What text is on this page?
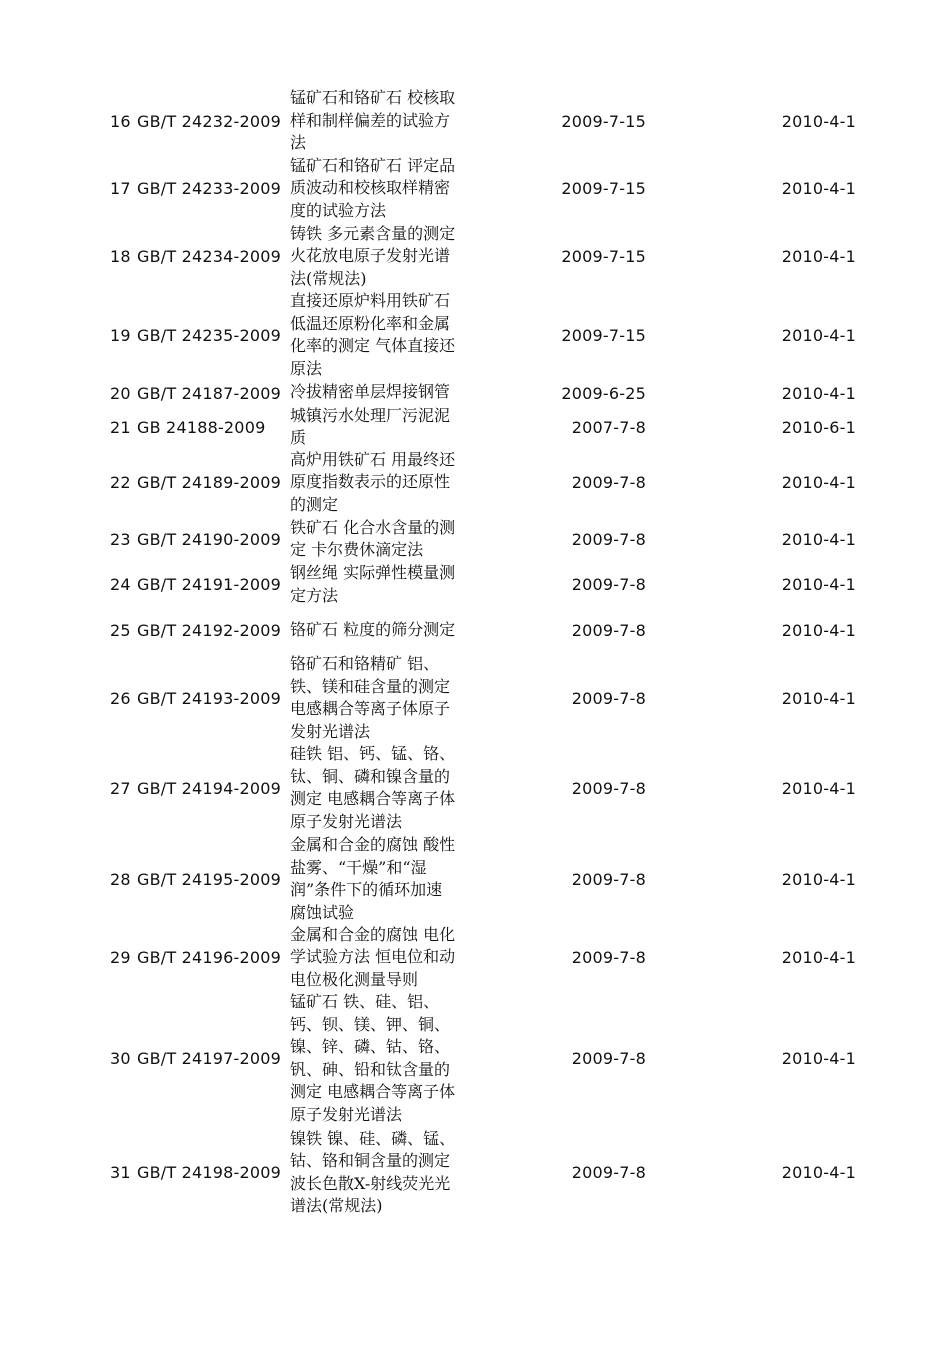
16 GB/T 24232-2009
锰矿石和铬矿石 校核取样和制样偏差的试验方法
2009-7-15	2010-4-1
17 GB/T 24233-2009
锰矿石和铬矿石 评定品质波动和校核取样精密度的试验方法
2009-7-15	2010-4-1
18 GB/T 24234-2009
铸铁 多元素含量的测定 火花放电原子发射光谱法(常规法)
2009-7-15	2010-4-1
19 GB/T 24235-2009
直接还原炉料用铁矿石 低温还原粉化率和金属化率的测定 气体直接还原法
2009-7-15	2010-4-1
20 GB/T 24187-2009 冷拔精密单层焊接钢管	2009-6-25	2010-4-1
21 GB 24188-2009
城镇污水处理厂污泥泥质
2007-7-8	2010-6-1
22 GB/T 24189-2009
高炉用铁矿石 用最终还原度指数表示的还原性的测定
2009-7-8	2010-4-1
23 GB/T 24190-2009
铁矿石 化合水含量的测定 卡尔费休滴定法
2009-7-8	2010-4-1
24 GB/T 24191-2009
钢丝绳 实际弹性模量测定方法
2009-7-8	2010-4-1
25 GB/T 24192-2009 铬矿石 粒度的筛分测定	2009-7-8	2010-4-1
26 GB/T 24193-2009
铬矿石和铬精矿 铝、铁、镁和硅含量的测定 电感耦合等离子体原子发射光谱法
2009-7-8	2010-4-1
27 GB/T 24194-2009
硅铁 铝、钙、锰、铬、钛、铜、磷和镍含量的测定 电感耦合等离子体原子发射光谱法
2009-7-8	2010-4-1
28 GB/T 24195-2009
金属和合金的腐蚀 酸性盐雾、“干燥”和“湿润”条件下的循环加速腐蚀试验
2009-7-8	2010-4-1
29 GB/T 24196-2009
金属和合金的腐蚀 电化学试验方法 恒电位和动电位极化测量导则
2009-7-8	2010-4-1
30 GB/T 24197-2009
锰矿石 铁、硅、铝、钙、钡、镁、钾、铜、镍、锌、磷、钴、铬、钒、砷、铅和钛含量的测定 电感耦合等离子体原子发射光谱法
2009-7-8	2010-4-1
31 GB/T 24198-2009
镍铁 镍、硅、磷、锰、钴、铬和铜含量的测定 波长色散X-射线荧光光谱法(常规法)
2009-7-8	2010-4-1
